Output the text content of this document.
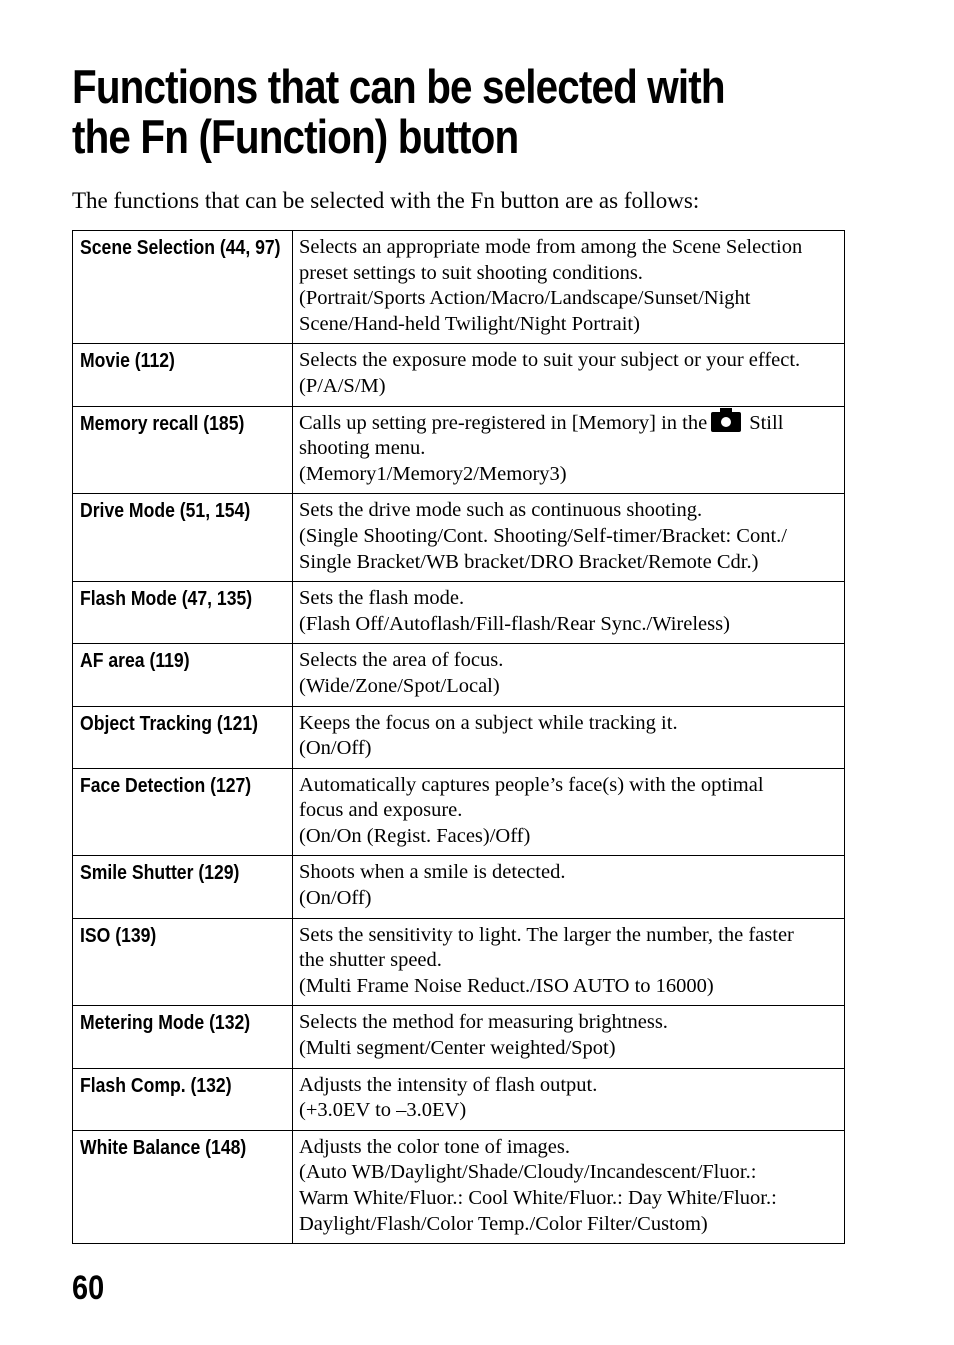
Functions that can be selected with
the Fn (Function) button
The functions that can be selected with the Fn button are as follows:
Scene Selection (44, 97)	Selects an appropriate mode from among the Scene Selection
preset settings to suit shooting conditions.
(Portrait/Sports Action/Macro/Landscape/Sunset/Night
Scene/Hand-held Twilight/Night Portrait)

Movie (112)	Selects the exposure mode to suit your subject or your effect.
(P/A/S/M)

Memory recall (185)	Calls up setting pre-registered in [Memory] in the Still
shooting menu.
(Memory1/Memory2/Memory3)

Drive Mode (51, 154)	Sets the drive mode such as continuous shooting.
(Single Shooting/Cont. Shooting/Self-timer/Bracket: Cont./
Single Bracket/WB bracket/DRO Bracket/Remote Cdr.)

Flash Mode (47, 135)	Sets the flash mode.
(Flash Off/Autoflash/Fill-flash/Rear Sync./Wireless)

AF area (119)	Selects the area of focus.
(Wide/Zone/Spot/Local)

Object Tracking (121)	Keeps the focus on a subject while tracking it.
(On/Off)

Face Detection (127)	Automatically captures people’s face(s) with the optimal
focus and exposure.
(On/On (Regist. Faces)/Off)

Smile Shutter (129)	Shoots when a smile is detected.
(On/Off)

ISO (139)	Sets the sensitivity to light. The larger the number, the faster
the shutter speed.
(Multi Frame Noise Reduct./ISO AUTO to 16000)

Metering Mode (132)	Selects the method for measuring brightness.
(Multi segment/Center weighted/Spot)

Flash Comp. (132)	Adjusts the intensity of flash output.
(+3.0EV to –3.0EV)

White Balance (148)	Adjusts the color tone of images.
(Auto WB/Daylight/Shade/Cloudy/Incandescent/Fluor.:
Warm White/Fluor.: Cool White/Fluor.: Day White/Fluor.:
Daylight/Flash/Color Temp./Color Filter/Custom)
60
